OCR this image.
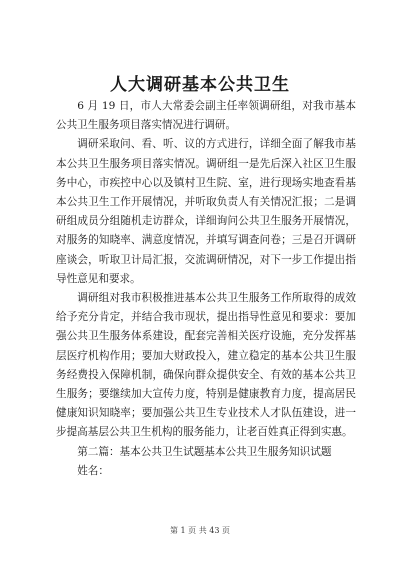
人大调研基本公共卫生

6 月 19 日，市人大常委会副主任率领调研组，对我市基本公共卫生服务项目落实情况进行调研。

调研采取问、看、听、议的方式进行，详细全面了解我市基本公共卫生服务项目落实情况。调研组一是先后深入社区卫生服务中心，市疾控中心以及镇村卫生院、室，进行现场实地查看基本公共卫生工作开展情况，并听取负责人有关情况汇报；二是调研组成员分组随机走访群众，详细询问公共卫生服务开展情况，对服务的知晓率、满意度情况，并填写调查问卷；三是召开调研座谈会，听取卫计局汇报，交流调研情况，对下一步工作提出指导性意见和要求。

调研组对我市积极推进基本公共卫生服务工作所取得的成效给予充分肯定，并结合我市现状，提出指导性意见和要求：要加强公共卫生服务体系建设，配套完善相关医疗设施，充分发挥基层医疗机构作用；要加大财政投入，建立稳定的基本公共卫生服务经费投入保障机制，确保向群众提供安全、有效的基本公共卫生服务；要继续加大宣传力度，特别是健康教育力度，提高居民健康知识知晓率；要加强公共卫生专业技术人才队伍建设，进一步提高基层公共卫生机构的服务能力，让老百姓真正得到实惠。

第二篇：基本公共卫生试题基本公共卫生服务知识试题

姓名：

第 1 页 共 43 页
